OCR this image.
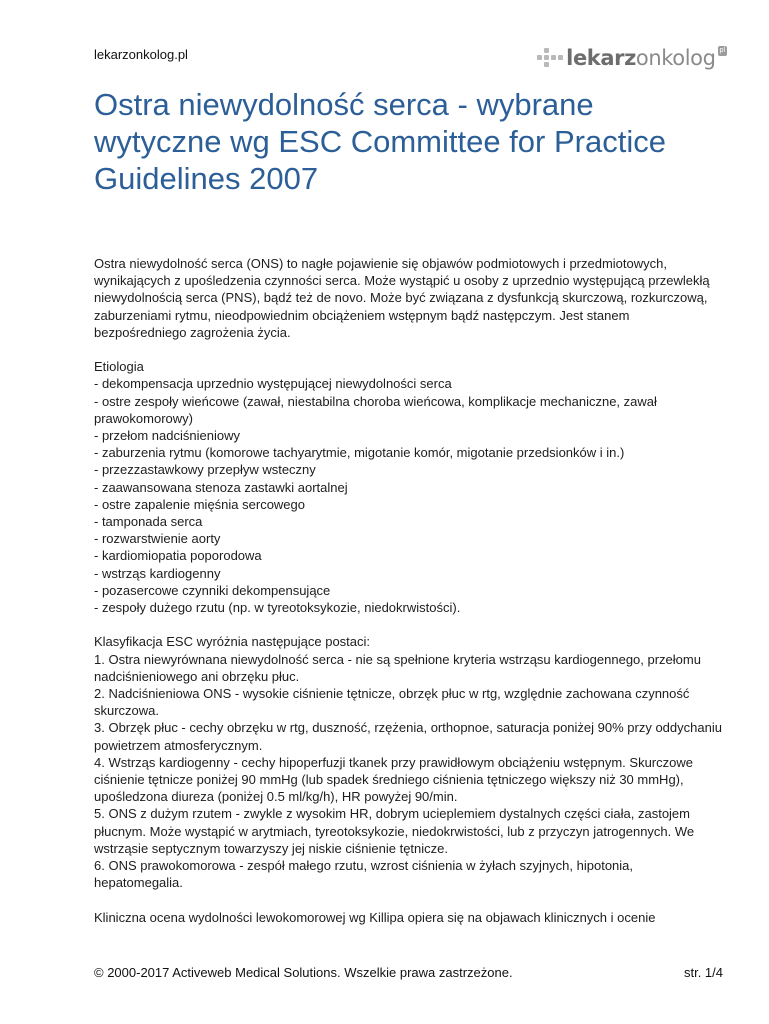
lekarzonkolog.pl	lekarzonkolog pl
Ostra niewydolność serca - wybrane wytyczne wg ESC Committee for Practice Guidelines 2007

Ostra niewydolność serca (ONS) to nagłe pojawienie się objawów podmiotowych i przedmiotowych, wynikających z upośledzenia czynności serca. Może wystąpić u osoby z uprzednio występującą przewlekłą niewydolnością serca (PNS), bądź też de novo. Może być związana z dysfunkcją skurczową, rozkurczową, zaburzeniami rytmu, nieodpowiednim obciążeniem wstępnym bądź następczym. Jest stanem bezpośredniego zagrożenia życia.

Etiologia
- dekompensacja uprzednio występującej niewydolności serca
- ostre zespoły wieńcowe (zawał, niestabilna choroba wieńcowa, komplikacje mechaniczne, zawał prawokomorowy)
- przełom nadciśnieniowy
- zaburzenia rytmu (komorowe tachyarytmie, migotanie komór, migotanie przedsionków i in.)
- przezzastawkowy przepływ wsteczny
- zaawansowana stenoza zastawki aortalnej
- ostre zapalenie mięśnia sercowego
- tamponada serca
- rozwarstwienie aorty
- kardiomiopatia poporodowa
- wstrząs kardiogenny
- pozasercowe czynniki dekompensujące
- zespoły dużego rzutu (np. w tyreotoksykozie, niedokrwistości).

Klasyfikacja ESC wyróżnia następujące postaci:
1. Ostra niewyrównana niewydolność serca - nie są spełnione kryteria wstrząsu kardiogennego, przełomu nadciśnieniowego ani obrzęku płuc.
2. Nadciśnieniowa ONS - wysokie ciśnienie tętnicze, obrzęk płuc w rtg, względnie zachowana czynność skurczowa.
3. Obrzęk płuc - cechy obrzęku w rtg, duszność, rzężenia, orthopnoe, saturacja poniżej 90% przy oddychaniu powietrzem atmosferycznym.
4. Wstrząs kardiogenny - cechy hipoperfuzji tkanek przy prawidłowym obciążeniu wstępnym. Skurczowe ciśnienie tętnicze poniżej 90 mmHg (lub spadek średniego ciśnienia tętniczego większy niż 30 mmHg), upośledzona diureza (poniżej 0.5 ml/kg/h), HR powyżej 90/min.
5. ONS z dużym rzutem - zwykle z wysokim HR, dobrym ucieplemiem dystalnych części ciała, zastojem płucnym. Może wystąpić w arytmiach, tyreotoksykozie, niedokrwistości, lub z przyczyn jatrogennych. We wstrząsie septycznym towarzyszy jej niskie ciśnienie tętnicze.
6. ONS prawokomorowa - zespół małego rzutu, wzrost ciśnienia w żyłach szyjnych, hipotonia, hepatomegalia.

Kliniczna ocena wydolności lewokomorowej wg Killipa opiera się na objawach klinicznych i ocenie

© 2000-2017 Activeweb Medical Solutions. Wszelkie prawa zastrzeżone.	str. 1/4
